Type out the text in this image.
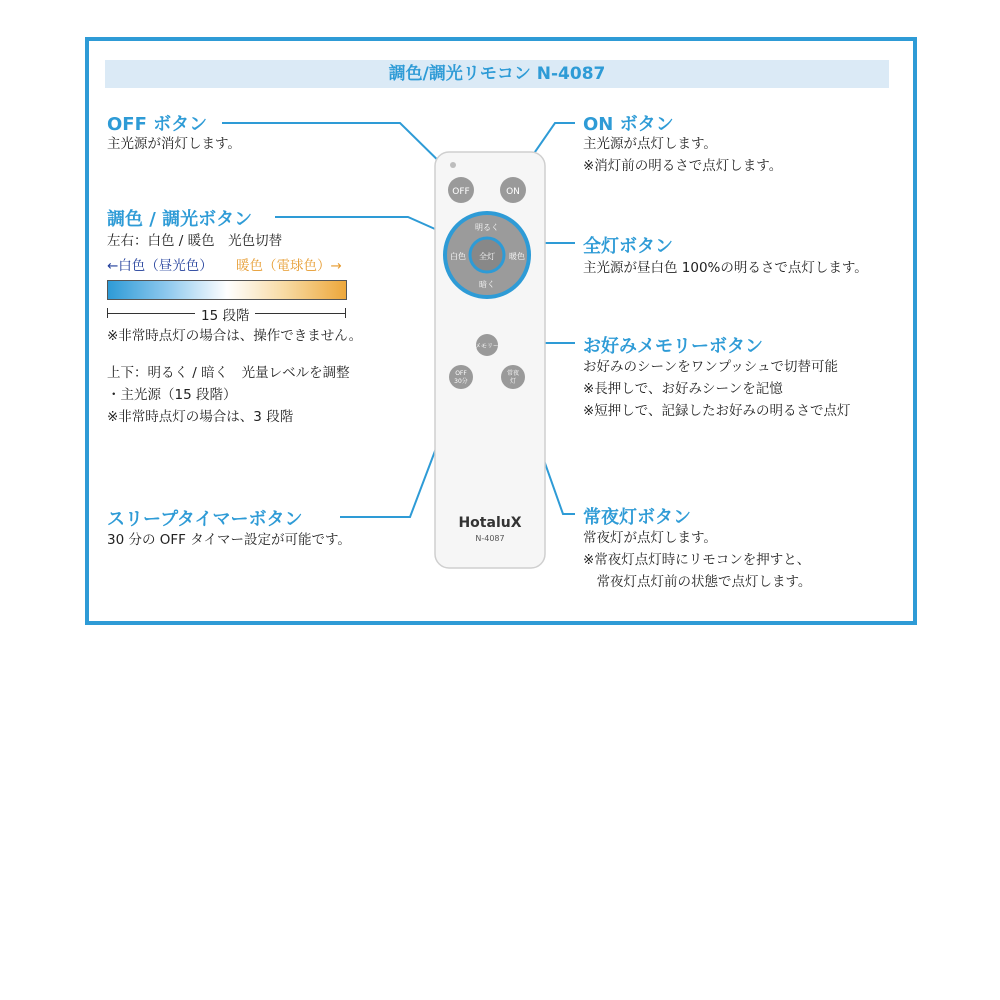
調色/調光リモコン N-4087
OFF	ON
明るく
暗く
白色	暖色
全灯
メモリー
OFF
30分
常夜
灯
HotaluX
N-4087
OFF ボタン
主光源が消灯します。
ON ボタン
主光源が点灯します。
※消灯前の明るさで点灯します。
調色 / 調光ボタン
左右：白色 / 暖色　光色切替
←白色（昼光色） 暖色（電球色）→
15 段階
※非常時点灯の場合は、操作できません。
上下：明るく / 暗く　光量レベルを調整
・主光源（15 段階）
※非常時点灯の場合は、3 段階
全灯ボタン
主光源が昼白色 100%の明るさで点灯します。
お好みメモリーボタン
お好みのシーンをワンプッシュで切替可能
※長押しで、お好みシーンを記憶
※短押しで、記録したお好みの明るさで点灯
スリープタイマーボタン
30 分の OFF タイマー設定が可能です。
常夜灯ボタン
常夜灯が点灯します。
※常夜灯点灯時にリモコンを押すと、
　常夜灯点灯前の状態で点灯します。
